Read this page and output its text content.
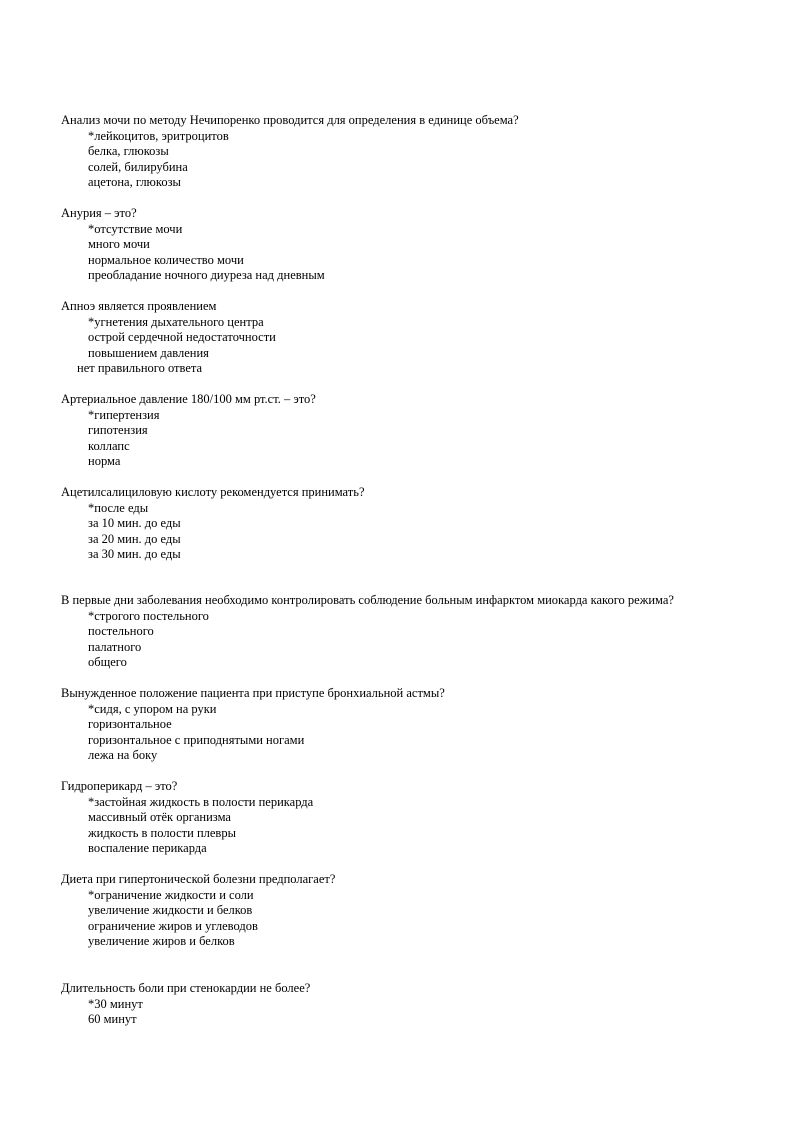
Анализ мочи по методу Нечипоренко проводится для определения в единице объема?
*лейкоцитов, эритроцитов
белка, глюкозы
солей, билирубина
ацетона, глюкозы
Анурия – это?
*отсутствие мочи
много мочи
нормальное количество мочи
преобладание ночного диуреза над дневным
Апноэ является проявлением
*угнетения дыхательного центра
острой сердечной недостаточности
повышением давления
нет правильного ответа
Артериальное давление 180/100 мм рт.ст. – это?
*гипертензия
гипотензия
коллапс
норма
Ацетилсалициловую кислоту рекомендуется принимать?
*после еды
за 10 мин. до еды
за 20 мин. до еды
за 30 мин. до еды
В первые дни заболевания необходимо контролировать соблюдение больным инфарктом миокарда какого режима?
*строгого постельного
постельного
палатного
общего
Вынужденное положение пациента при приступе бронхиальной астмы?
*сидя, с упором на руки
горизонтальное
горизонтальное с приподнятыми ногами
лежа на боку
Гидроперикард – это?
*застойная жидкость в полости перикарда
массивный отёк организма
жидкость в полости плевры
воспаление перикарда
Диета при гипертонической болезни предполагает?
*ограничение жидкости и соли
увеличение жидкости и белков
ограничение жиров и углеводов
увеличение жиров и белков
Длительность боли при стенокардии не более?
*30 минут
60 минут
